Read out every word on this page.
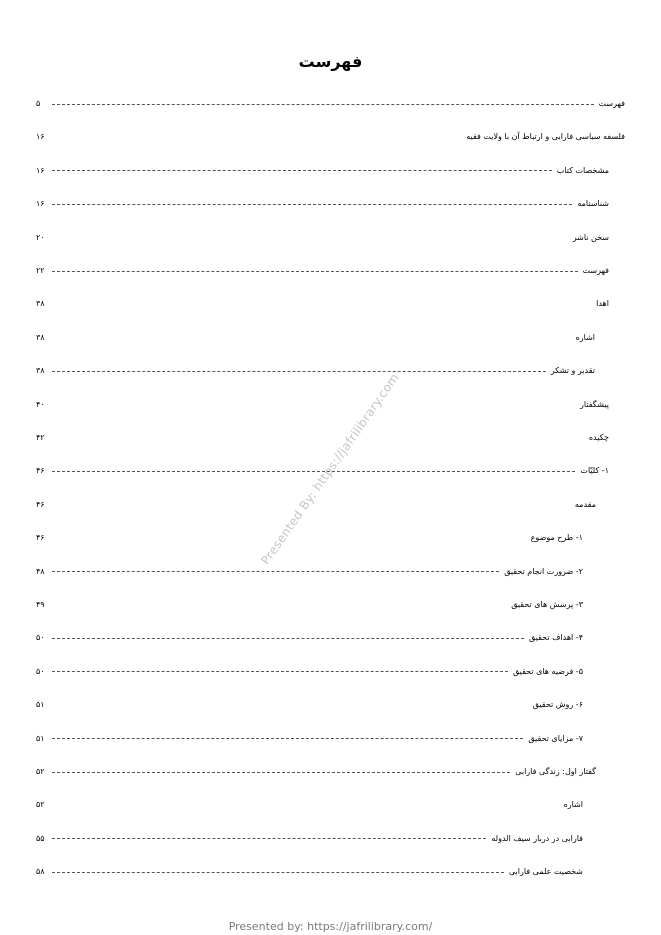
فهرست
فهرست
۵
فلسفه سیاسی فارابی و ارتباط آن با ولایت فقیه
۱۶
مشخصات کتاب
۱۶
شناسنامه
۱۶
سخن ناشر
۲۰
فهرست
۲۲
اهدا
۳۸
اشاره
۳۸
تقدیر و تشکر
۳۸
پیشگفتار
۴۰
چکیده
۴۲
۱- کلیّات
۴۶
مقدمه
۴۶
۱- طرح موضوع
۴۶
۲- ضرورت انجام تحقیق
۴۸
۳- پرسش های تحقیق
۴۹
۴- اهداف تحقیق
۵۰
۵- فرضیه های تحقیق
۵۰
۶- روش تحقیق
۵۱
۷- مزایای تحقیق
۵۱
گفتار اول: زندگی فارابی
۵۲
اشاره
۵۲
فارابی در دربار سیف الدوله
۵۵
شخصیت علمی فارابی
۵۸
Presented By: https://jafrilibrary.com
Presented by: https://jafrilibrary.com/
